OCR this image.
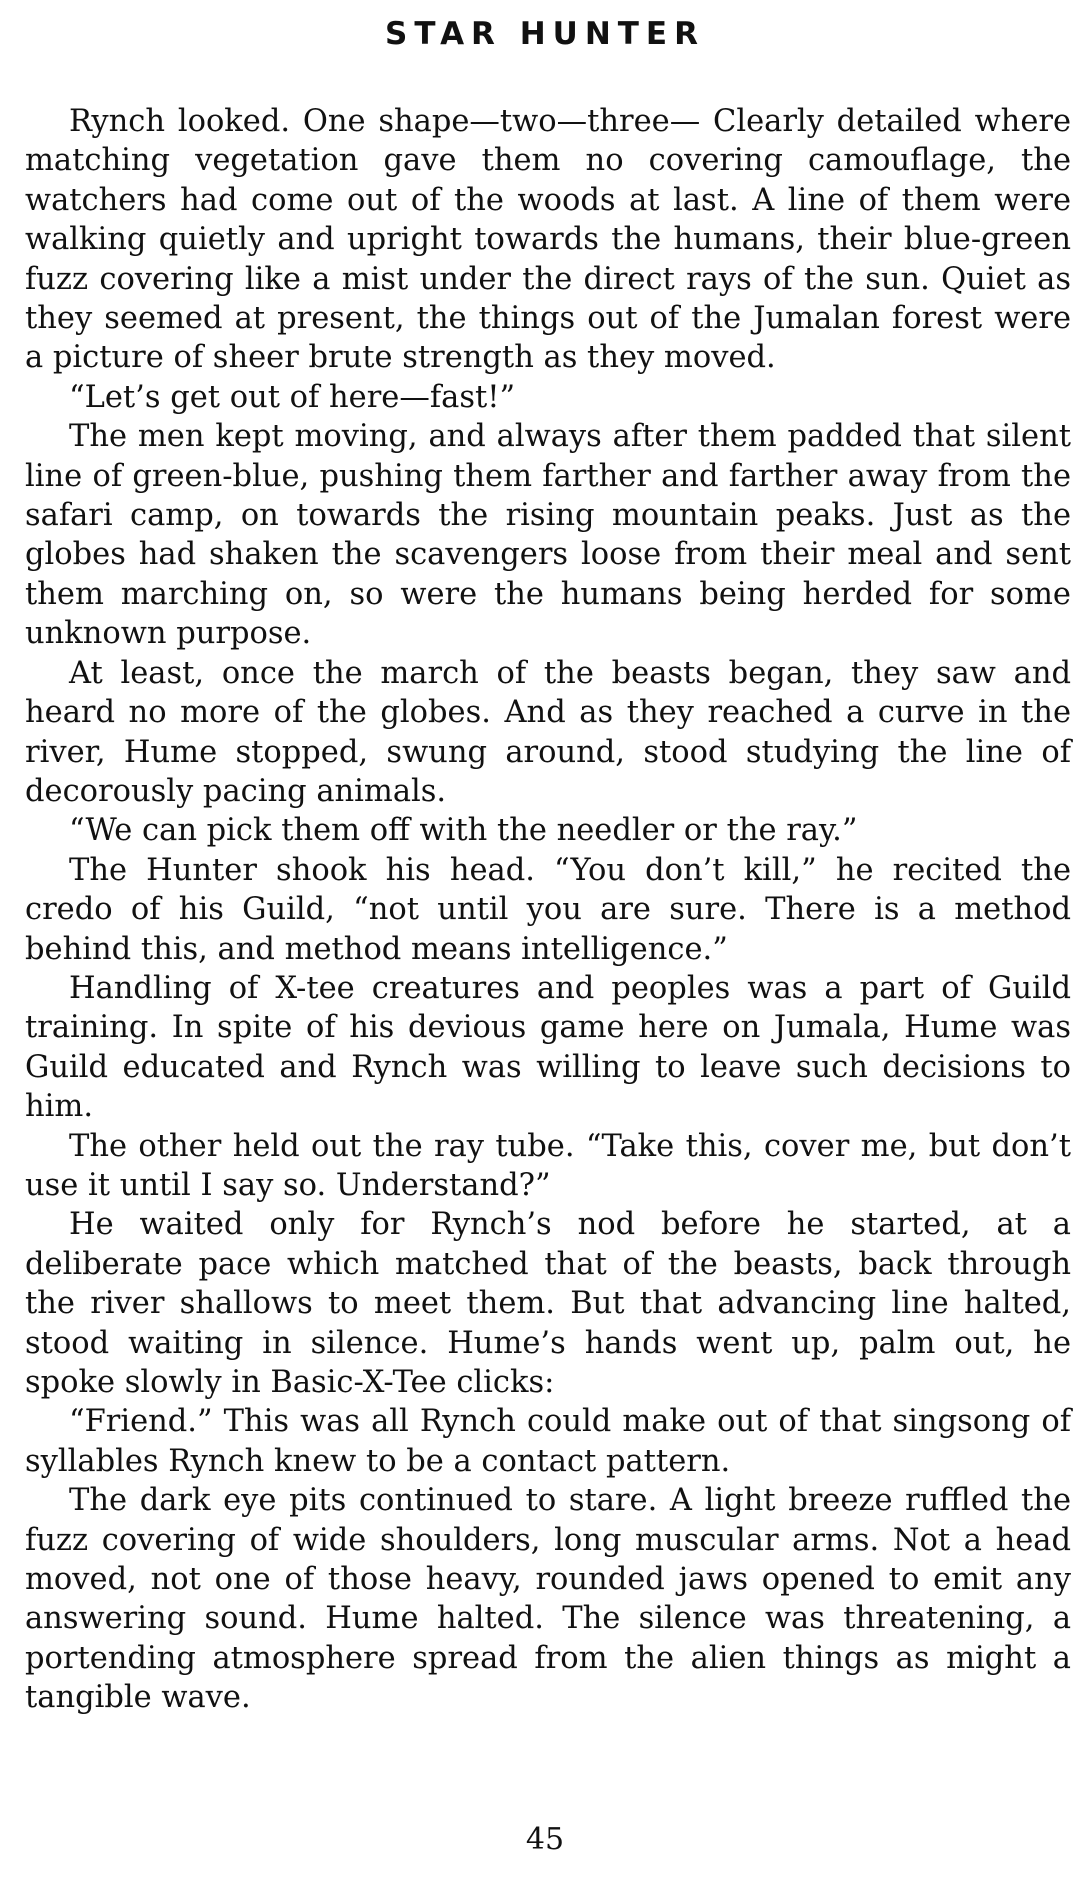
STAR HUNTER

Rynch looked. One shape—two—three— Clearly detailed where matching vegetation gave them no covering camouflage, the watchers had come out of the woods at last. A line of them were walking quietly and upright towards the humans, their blue-green fuzz covering like a mist under the direct rays of the sun. Quiet as they seemed at present, the things out of the Jumalan forest were a picture of sheer brute strength as they moved.

“Let’s get out of here—fast!”

The men kept moving, and always after them padded that silent line of green-blue, pushing them farther and farther away from the safari camp, on towards the rising mountain peaks. Just as the globes had shaken the scavengers loose from their meal and sent them marching on, so were the humans being herded for some unknown purpose.

At least, once the march of the beasts began, they saw and heard no more of the globes. And as they reached a curve in the river, Hume stopped, swung around, stood studying the line of decorously pacing animals.

“We can pick them off with the needler or the ray.”

The Hunter shook his head. “You don’t kill,” he recited the credo of his Guild, “not until you are sure. There is a method behind this, and method means intelligence.”

Handling of X-tee creatures and peoples was a part of Guild training. In spite of his devious game here on Jumala, Hume was Guild educated and Rynch was willing to leave such decisions to him.

The other held out the ray tube. “Take this, cover me, but don’t use it until I say so. Understand?”

He waited only for Rynch’s nod before he started, at a deliberate pace which matched that of the beasts, back through the river shallows to meet them. But that advancing line halted, stood waiting in silence. Hume’s hands went up, palm out, he spoke slowly in Basic-X-Tee clicks:

“Friend.” This was all Rynch could make out of that singsong of syllables Rynch knew to be a contact pattern.

The dark eye pits continued to stare. A light breeze ruffled the fuzz covering of wide shoulders, long muscular arms. Not a head moved, not one of those heavy, rounded jaws opened to emit any answering sound. Hume halted. The silence was threatening, a portending atmosphere spread from the alien things as might a tangible wave.

45
